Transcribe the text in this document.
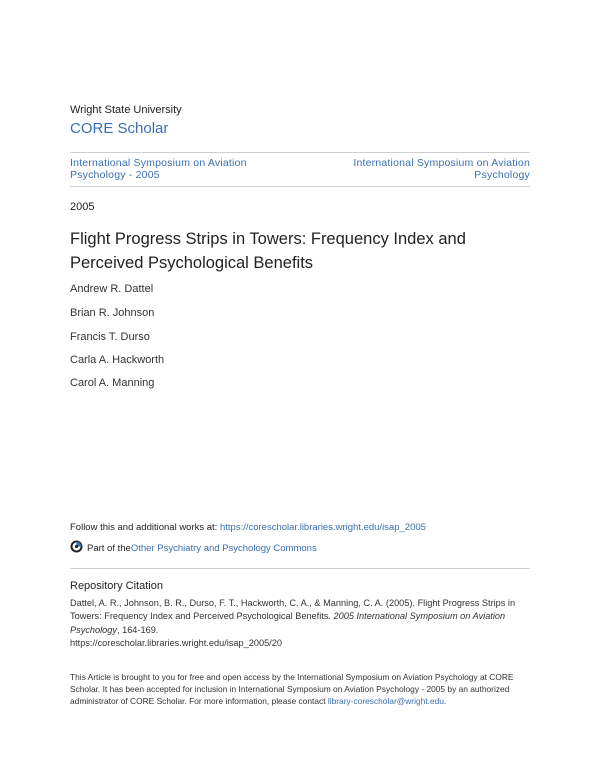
Wright State University
CORE Scholar
International Symposium on Aviation Psychology - 2005
International Symposium on Aviation Psychology
2005
Flight Progress Strips in Towers: Frequency Index and Perceived Psychological Benefits
Andrew R. Dattel
Brian R. Johnson
Francis T. Durso
Carla A. Hackworth
Carol A. Manning
Follow this and additional works at: https://corescholar.libraries.wright.edu/isap_2005
Part of the Other Psychiatry and Psychology Commons
Repository Citation
Dattel, A. R., Johnson, B. R., Durso, F. T., Hackworth, C. A., & Manning, C. A. (2005). Flight Progress Strips in Towers: Frequency Index and Perceived Psychological Benefits. 2005 International Symposium on Aviation Psychology, 164-169.
https://corescholar.libraries.wright.edu/isap_2005/20
This Article is brought to you for free and open access by the International Symposium on Aviation Psychology at CORE Scholar. It has been accepted for inclusion in International Symposium on Aviation Psychology - 2005 by an authorized administrator of CORE Scholar. For more information, please contact library-corescholar@wright.edu.
